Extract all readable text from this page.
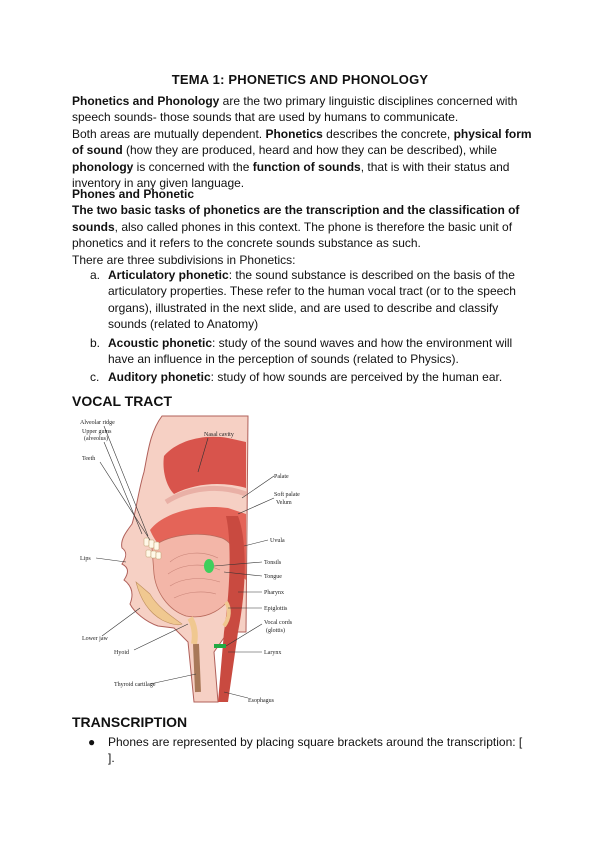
TEMA 1: PHONETICS AND PHONOLOGY
Phonetics and Phonology are the two primary linguistic disciplines concerned with speech sounds- those sounds that are used by humans to communicate.
Both areas are mutually dependent. Phonetics describes the concrete, physical form of sound (how they are produced, heard and how they can be described), while phonology is concerned with the function of sounds, that is with their status and inventory in any given language.
Phones and Phonetic
The two basic tasks of phonetics are the transcription and the classification of sounds, also called phones in this context. The phone is therefore the basic unit of phonetics and it refers to the concrete sounds substance as such.
There are three subdivisions in Phonetics:
a. Articulatory phonetic: the sound substance is described on the basis of the articulatory properties. These refer to the human vocal tract (or to the speech organs), illustrated in the next slide, and are used to describe and classify sounds (related to Anatomy)
b. Acoustic phonetic: study of the sound waves and how the environment will have an influence in the perception of sounds (related to Physics).
c. Auditory phonetic: study of how sounds are perceived by the human ear.
VOCAL TRACT
Alveolar ridge
Upper gums
(alveolus)
Nasal cavity
Teeth
Palate
Soft palate
Velum
Uvula
Lips
Tonsils
Tongue
Pharynx
Epiglottis
Vocal cords
(glottis)
Lower jaw
Hyoid	Larynx
Thyroid cartilage
Esophagus
TRANSCRIPTION
●	Phones are represented by placing square brackets around the transcription: [ ].
